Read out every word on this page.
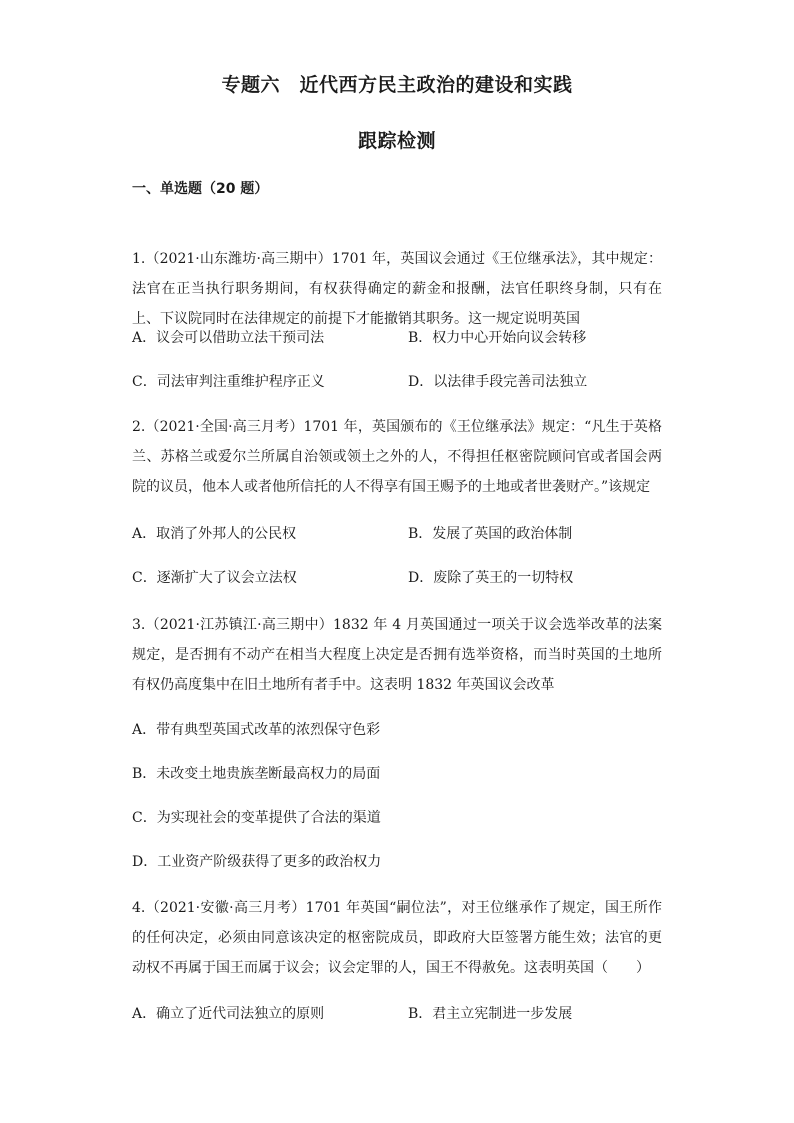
专题六　近代西方民主政治的建设和实践
跟踪检测
一、单选题（20 题）
1.（2021·山东潍坊·高三期中）1701 年，英国议会通过《王位继承法》，其中规定：法官在正当执行职务期间，有权获得确定的薪金和报酬，法官任职终身制，只有在上、下议院同时在法律规定的前提下才能撤销其职务。这一规定说明英国
A．议会可以借助立法干预司法	B．权力中心开始向议会转移
C．司法审判注重维护程序正义	D．以法律手段完善司法独立
2.（2021·全国·高三月考）1701 年，英国颁布的《王位继承法》规定：“凡生于英格兰、苏格兰或爱尔兰所属自治领或领土之外的人，不得担任枢密院顾问官或者国会两院的议员，他本人或者他所信托的人不得享有国王赐予的土地或者世袭财产。”该规定
A．取消了外邦人的公民权	B．发展了英国的政治体制
C．逐渐扩大了议会立法权	D．废除了英王的一切特权
3.（2021·江苏镇江·高三期中）1832 年 4 月英国通过一项关于议会选举改革的法案规定，是否拥有不动产在相当大程度上决定是否拥有选举资格，而当时英国的土地所有权仍高度集中在旧土地所有者手中。这表明 1832 年英国议会改革
A．带有典型英国式改革的浓烈保守色彩
B．未改变土地贵族垄断最高权力的局面
C．为实现社会的变革提供了合法的渠道
D．工业资产阶级获得了更多的政治权力
4.（2021·安徽·高三月考）1701 年英国“嗣位法”，对王位继承作了规定，国王所作的任何决定，必须由同意该决定的枢密院成员，即政府大臣签署方能生效；法官的更动权不再属于国王而属于议会；议会定罪的人，国王不得赦免。这表明英国（　　）
A．确立了近代司法独立的原则	B．君主立宪制进一步发展
